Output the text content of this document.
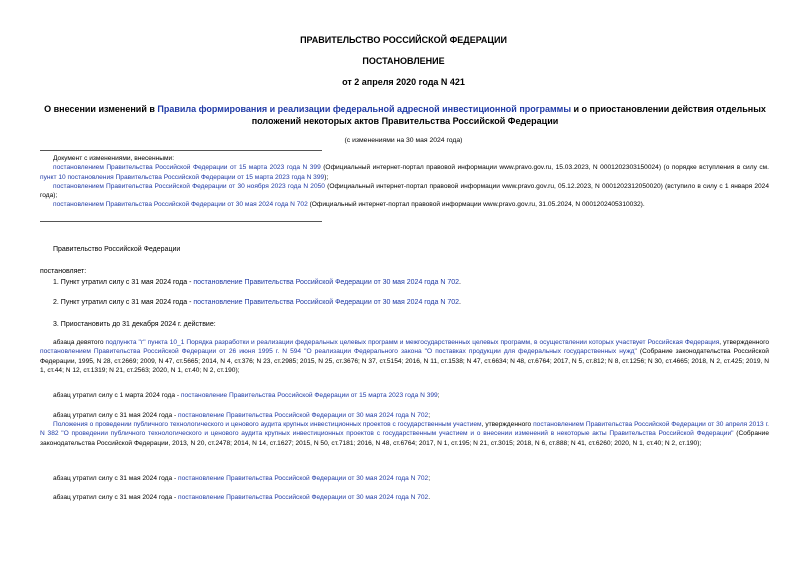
ПРАВИТЕЛЬСТВО РОССИЙСКОЙ ФЕДЕРАЦИИ

ПОСТАНОВЛЕНИЕ

от 2 апреля 2020 года N 421

О внесении изменений в Правила формирования и реализации федеральной адресной инвестиционной программы и о приостановлении действия отдельных положений некоторых актов Правительства Российской Федерации

(с изменениями на 30 мая 2024 года)

Документ с изменениями, внесенными:

постановлением Правительства Российской Федерации от 15 марта 2023 года N 399 (Официальный интернет-портал правовой информации www.pravo.gov.ru, 15.03.2023, N 0001202303150024) (о порядке вступления в силу см. пункт 10 постановления Правительства Российской Федерации от 15 марта 2023 года N 399);

постановлением Правительства Российской Федерации от 30 ноября 2023 года N 2050 (Официальный интернет-портал правовой информации www.pravo.gov.ru, 05.12.2023, N 0001202312050020) (вступило в силу с 1 января 2024 года);

постановлением Правительства Российской Федерации от 30 мая 2024 года N 702 (Официальный интернет-портал правовой информации www.pravo.gov.ru, 31.05.2024, N 0001202405310032).

Правительство Российской Федерации

постановляет:

1. Пункт утратил силу с 31 мая 2024 года - постановление Правительства Российской Федерации от 30 мая 2024 года N 702.

2. Пункт утратил силу с 31 мая 2024 года - постановление Правительства Российской Федерации от 30 мая 2024 года N 702.

3. Приостановить до 31 декабря 2024 г. действие:

абзаца девятого подпункта "г" пункта 10_1 Порядка разработки и реализации федеральных целевых программ и межгосударственных целевых программ, в осуществлении которых участвует Российская Федерация, утвержденного постановлением Правительства Российской Федерации от 26 июня 1995 г. N 594 "О реализации Федерального закона "О поставках продукции для федеральных государственных нужд" (Собрание законодательства Российской Федерации, 1995, N 28, ст.2669; 2009, N 47, ст.5665; 2014, N 4, ст.376; N 23, ст.2985; 2015, N 25, ст.3676; N 37, ст.5154; 2016, N 11, ст.1538; N 47, ст.6634; N 48, ст.6764; 2017, N 5, ст.812; N 8, ст.1256; N 30, ст.4665; 2018, N 2, ст.425; 2019, N 1, ст.44; N 12, ст.1319; N 21, ст.2563; 2020, N 1, ст.40; N 2, ст.190);

абзац утратил силу с 1 марта 2024 года - постановление Правительства Российской Федерации от 15 марта 2023 года N 399;

абзац утратил силу с 31 мая 2024 года - постановление Правительства Российской Федерации от 30 мая 2024 года N 702;

Положения о проведении публичного технологического и ценового аудита крупных инвестиционных проектов с государственным участием, утвержденного постановлением Правительства Российской Федерации от 30 апреля 2013 г. N 382 "О проведении публичного технологического и ценового аудита крупных инвестиционных проектов с государственным участием и о внесении изменений в некоторые акты Правительства Российской Федерации" (Собрание законодательства Российской Федерации, 2013, N 20, ст.2478; 2014, N 14, ст.1627; 2015, N 50, ст.7181; 2016, N 48, ст.6764; 2017, N 1, ст.195; N 21, ст.3015; 2018, N 6, ст.888; N 41, ст.6260; 2020, N 1, ст.40; N 2, ст.190);

абзац утратил силу с 31 мая 2024 года - постановление Правительства Российской Федерации от 30 мая 2024 года N 702;

абзац утратил силу с 31 мая 2024 года - постановление Правительства Российской Федерации от 30 мая 2024 года N 702.
